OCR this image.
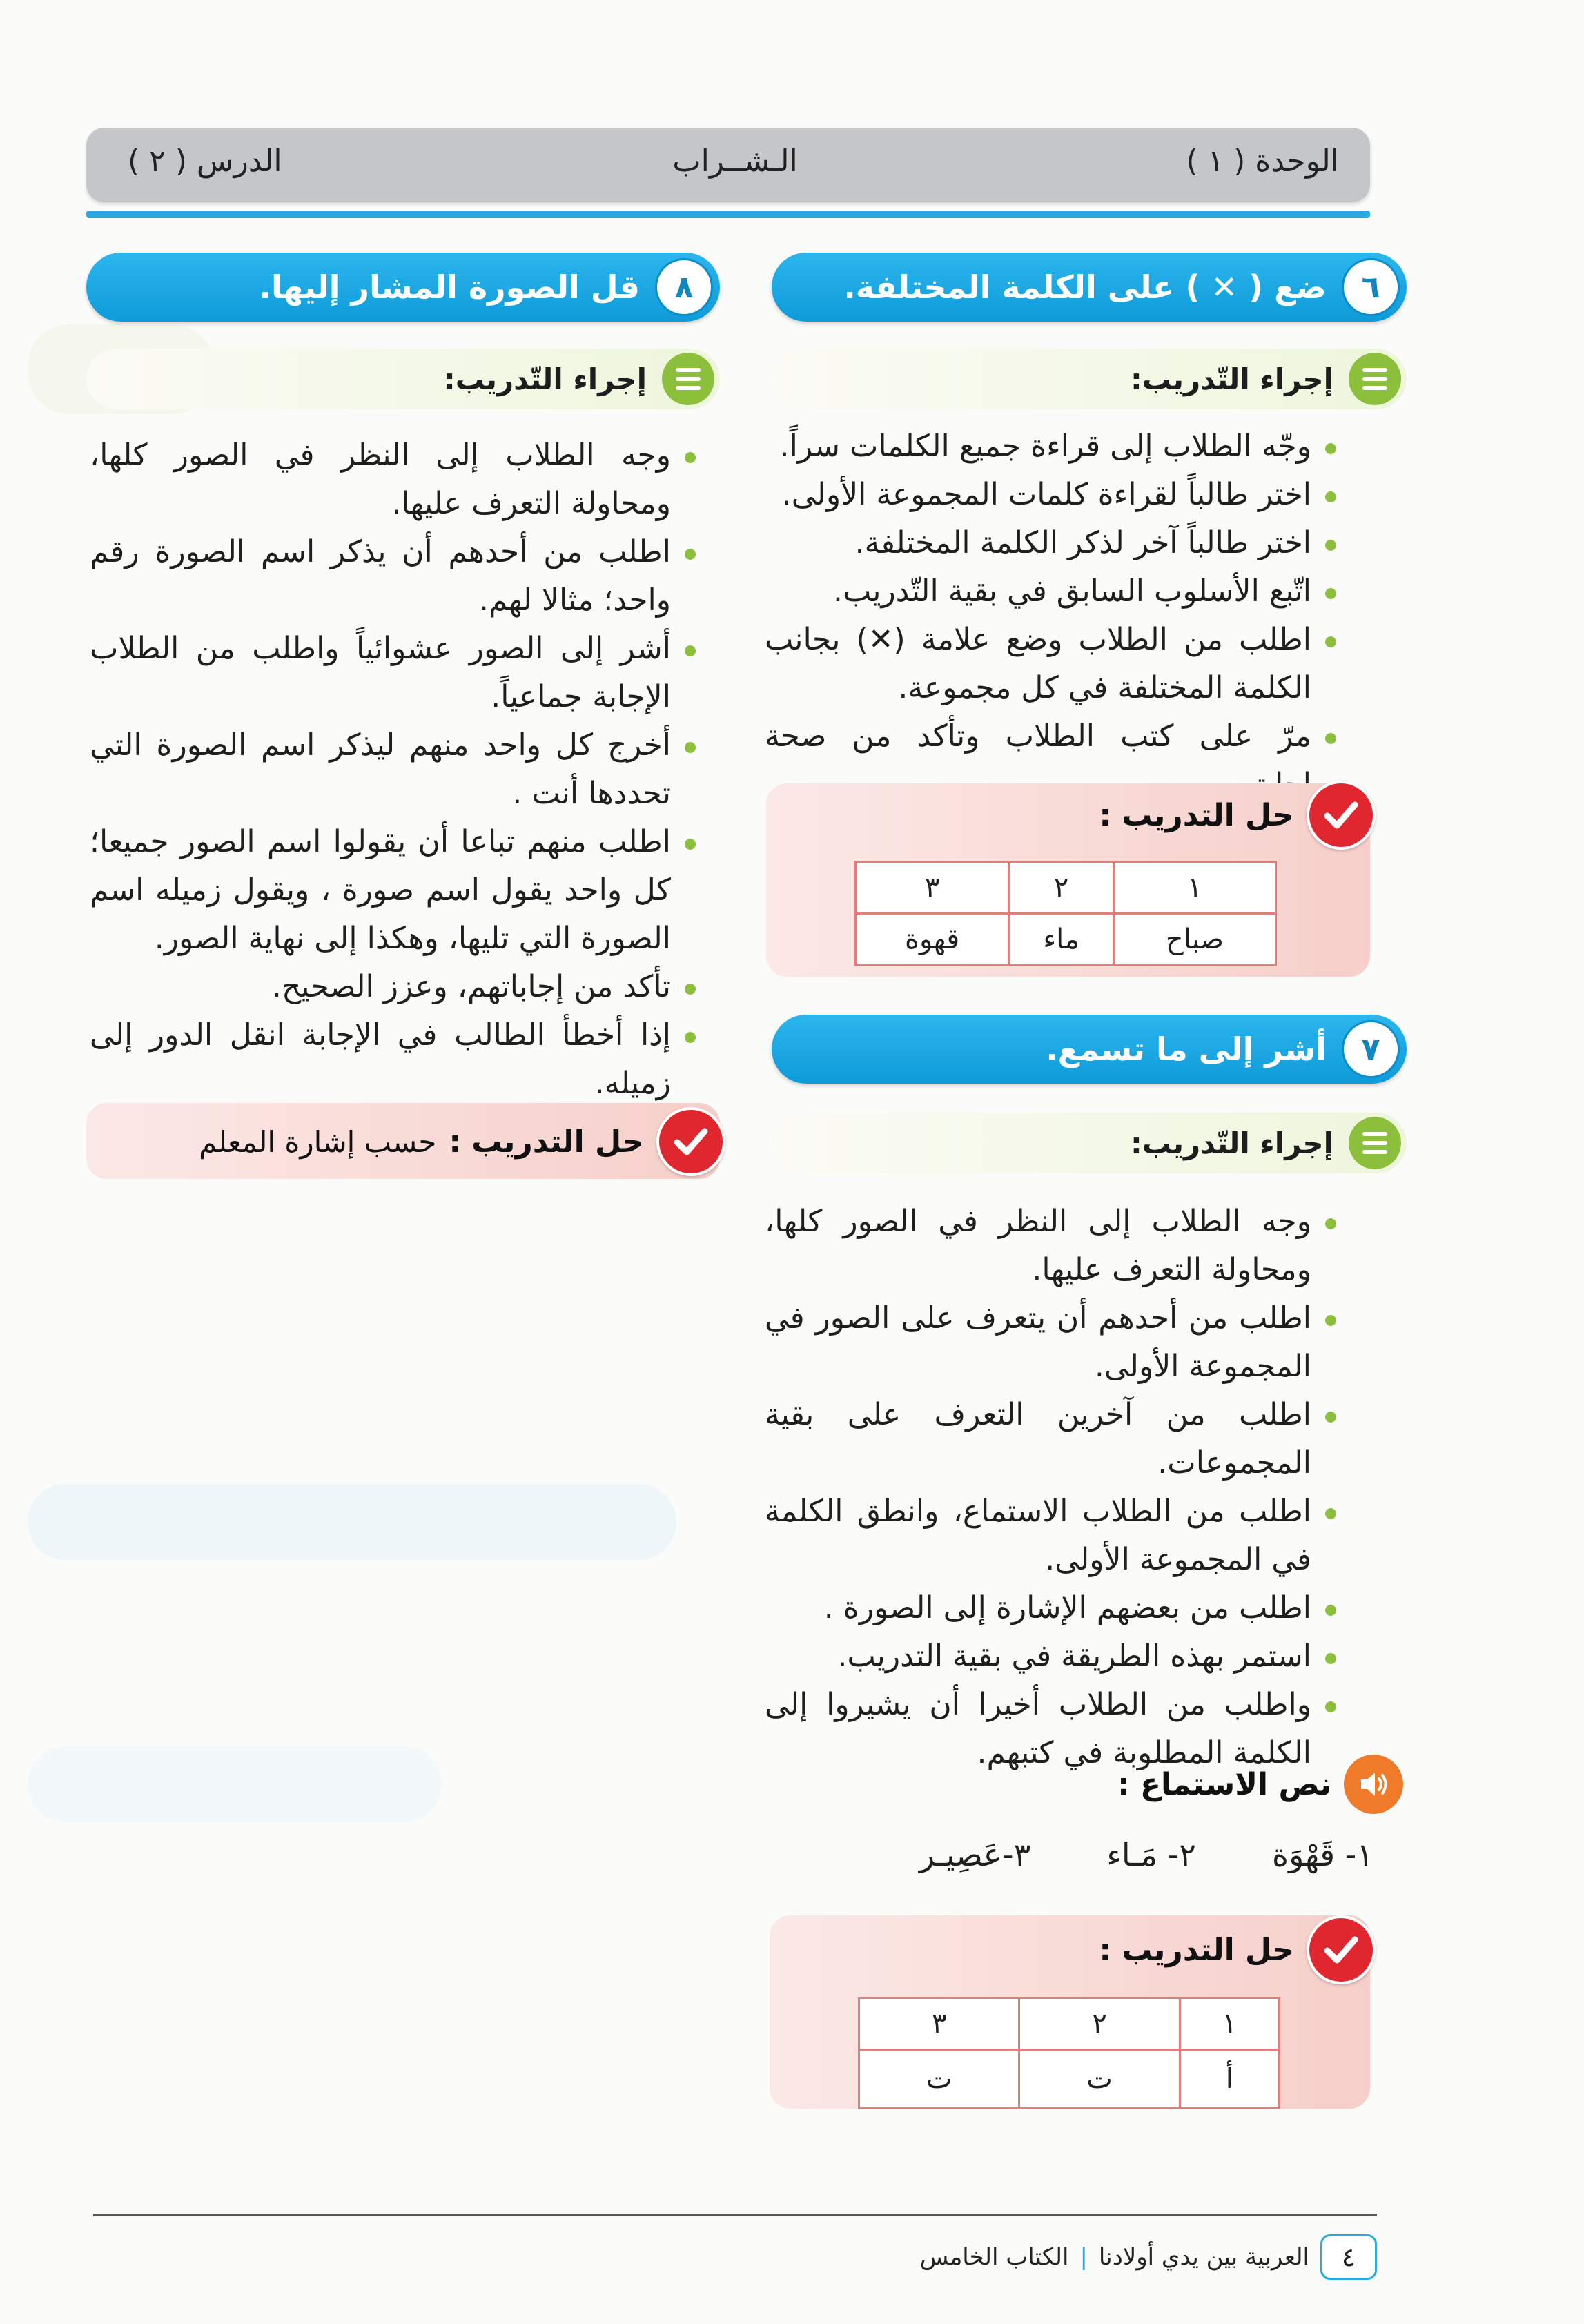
الوحدة ( ١ )
الـشــراب
الدرس ( ٢ )
٦
ضع ( ✕ ) على الكلمة المختلفة.
إجراء التّدريب:
وجّه الطلاب إلى قراءة جميع الكلمات سراً.
اختر طالباً لقراءة كلمات المجموعة الأولى.
اختر طالباً آخر لذكر الكلمة المختلفة.
اتّبع الأسلوب السابق في بقية التّدريب.
اطلب من الطلاب وضع علامة (✕) بجانب الكلمة المختلفة في كل مجموعة.
مرّ على كتب الطلاب وتأكد من صحة
حل التدريب :
١	٢	٣
صباح	ماء	قهوة
٧
أشر إلى ما تسمع.
إجراء التّدريب:
وجه الطلاب إلى النظر في الصور كلها، ومحاولة التعرف عليها.
اطلب من أحدهم أن يتعرف على الصور في المجموعة الأولى.
اطلب من آخرين التعرف على بقية المجموعات.
اطلب من الطلاب الاستماع، وانطق الكلمة في المجموعة الأولى.
اطلب من بعضهم الإشارة إلى الصورة .
استمر بهذه الطريقة في بقية التدريب.
واطلب من الطلاب أخيرا أن يشيروا إلى الكلمة المطلوبة في كتبهم.
نص الاستماع :
١- قَهْوَة
٢- مَـاء
٣-عَصِيـر
حل التدريب :
١	٢	٣
أ	ت	ت
٨
قل الصورة المشار إليها.
إجراء التّدريب:
وجه الطلاب إلى النظر في الصور كلها، ومحاولة التعرف عليها.
اطلب من أحدهم أن يذكر اسم الصورة رقم واحد؛ مثالا لهم.
أشر إلى الصور عشوائياً واطلب من الطلاب الإجابة جماعياً.
أخرج كل واحد منهم ليذكر اسم الصورة التي تحددها أنت .
اطلب منهم تباعا أن يقولوا اسم الصور جميعا؛ كل واحد يقول اسم صورة ، ويقول زميله اسم الصورة التي تليها، وهكذا إلى نهاية الصور.
تأكد من إجاباتهم، وعزز الصحيح.
إذا أخطأ الطالب في الإجابة انقل الدور إلى زميله.
حل التدريب :
حسب إشارة المعلم
٤
العربية بين يدي أولادنا
|
الكتاب الخامس
